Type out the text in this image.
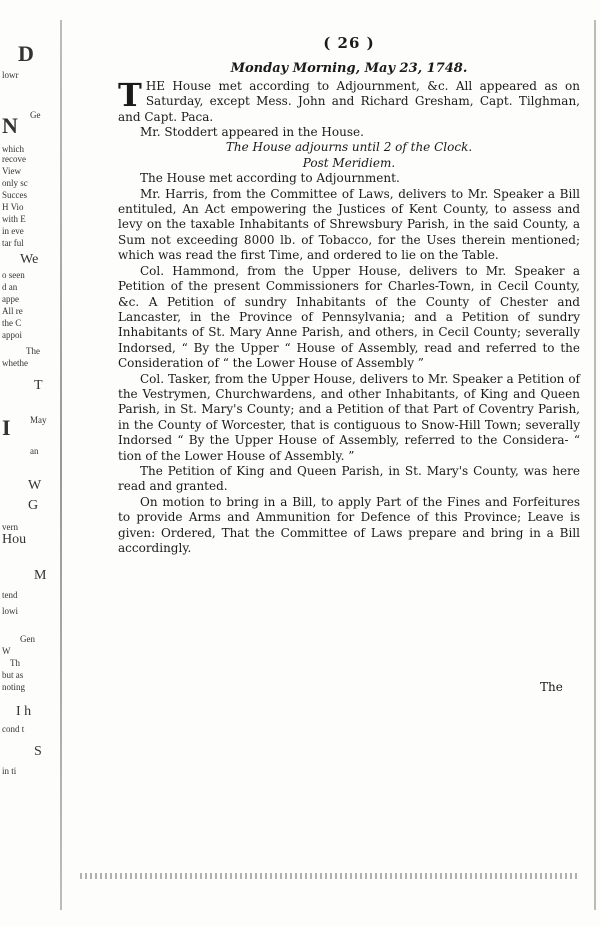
D
lowr
Ge
N
which
recove
View
only sc
Succes
H Vio
with E
in eve
tar ful
We
o seen
d an
appe
All re
the C
appoi
The
whethe
T
May
I
an
W
G
vern
Hou
M
tend
lowi
Gen
W
Th
but as
noting
I h
cond t
S
in ti
( 26 )
Monday Morning, May 23, 1748.

THE House met according to Adjournment, &c. All appeared as on Saturday, except Mess. John and Richard Gresham, Capt. Tilghman, and Capt. Paca.

Mr. Stoddert appeared in the House.

The House adjourns until 2 of the Clock.

Post Meridiem.

The House met according to Adjournment.

Mr. Harris, from the Committee of Laws, delivers to Mr. Speaker a Bill entituled, An Act empowering the Justices of Kent County, to assess and levy on the taxable Inhabitants of Shrewsbury Parish, in the said County, a Sum not exceeding 8000 lb. of Tobacco, for the Uses therein mentioned; which was read the first Time, and ordered to lie on the Table.

Col. Hammond, from the Upper House, delivers to Mr. Speaker a Petition of the present Commissioners for Charles-Town, in Cecil County, &c. A Petition of sundry Inhabitants of the County of Chester and Lancaster, in the Province of Pennsylvania; and a Petition of sundry Inhabitants of St. Mary Anne Parish, and others, in Cecil County; severally Indorsed, “ By the Upper “ House of Assembly, read and referred to the Consideration of “ the Lower House of Assembly ”

Col. Tasker, from the Upper House, delivers to Mr. Speaker a Petition of the Vestrymen, Churchwardens, and other Inhabitants, of King and Queen Parish, in St. Mary's County; and a Petition of that Part of Coventry Parish, in the County of Worcester, that is contiguous to Snow-Hill Town; severally Indorsed “ By the Upper House of Assembly, referred to the Considera- “ tion of the Lower House of Assembly. ”

The Petition of King and Queen Parish, in St. Mary's County, was here read and granted.

On motion to bring in a Bill, to apply Part of the Fines and Forfeitures to provide Arms and Ammunition for Defence of this Province; Leave is given: Ordered, That the Committee of Laws prepare and bring in a Bill accordingly.

The
